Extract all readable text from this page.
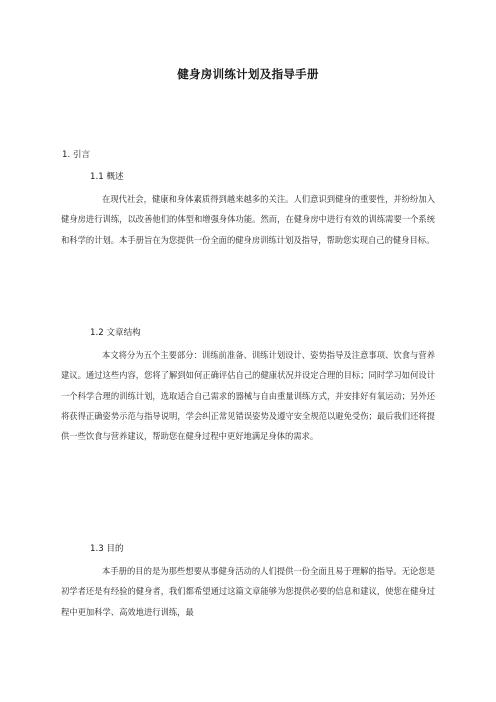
健身房训练计划及指导手册
1. 引言
1.1 概述

在现代社会，健康和身体素质得到越来越多的关注。人们意识到健身的重要性，并纷纷加入健身房进行训练，以改善他们的体型和增强身体功能。然而，在健身房中进行有效的训练需要一个系统和科学的计划。本手册旨在为您提供一份全面的健身房训练计划及指导，帮助您实现自己的健身目标。

1.2 文章结构

本文将分为五个主要部分：训练前准备、训练计划设计、姿势指导及注意事项、饮食与营养建议。通过这些内容，您将了解到如何正确评估自己的健康状况并设定合理的目标；同时学习如何设计一个科学合理的训练计划，选取适合自己需求的器械与自由重量训练方式，并安排好有氧运动；另外还将获得正确姿势示范与指导说明，学会纠正常见错误姿势及遵守安全规范以避免受伤；最后我们还将提供一些饮食与营养建议，帮助您在健身过程中更好地满足身体的需求。

1.3 目的

本手册的目的是为那些想要从事健身活动的人们提供一份全面且易于理解的指导。无论您是初学者还是有经验的健身者，我们都希望通过这篇文章能够为您提供必要的信息和建议，使您在健身过程中更加科学、高效地进行训练，最
